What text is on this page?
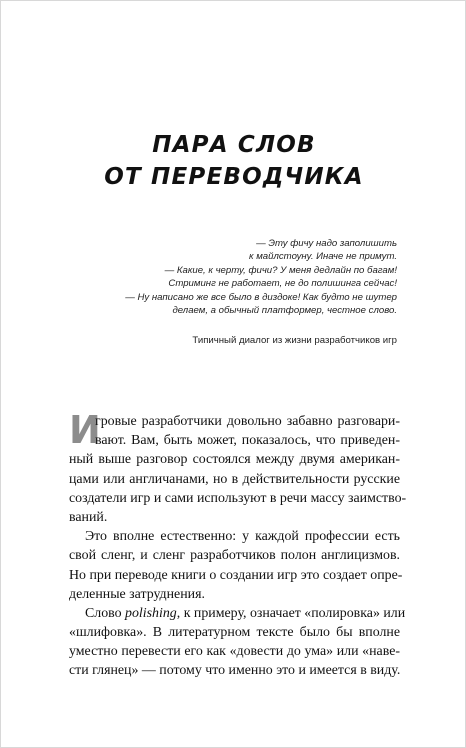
ПАРА СЛОВ
ОТ ПЕРЕВОДЧИКА
— Эту фичу надо заполишить
к майлстоуну. Иначе не примут.
— Какие, к черту, фичи? У меня дедлайн по багам!
Стриминг не работает, не до полишинга сейчас!
— Ну написано же все было в диздоке! Как будто не шутер
делаем, а обычный платформер, честное слово.
Типичный диалог из жизни разработчиков игр
И
гровые разработчики довольно забавно разговари-
вают. Вам, быть может, показалось, что приведен-
ный выше разговор состоялся между двумя американ-
цами или англичанами, но в действительности русские
создатели игр и сами используют в речи массу заимство-
ваний.
Это вполне естественно: у каждой профессии есть
свой сленг, и сленг разработчиков полон англицизмов.
Но при переводе книги о создании игр это создает опре-
деленные затруднения.
Слово polishing, к примеру, означает «полировка» или
«шлифовка». В литературном тексте было бы вполне
уместно перевести его как «довести до ума» или «наве-
сти глянец» — потому что именно это и имеется в виду.
